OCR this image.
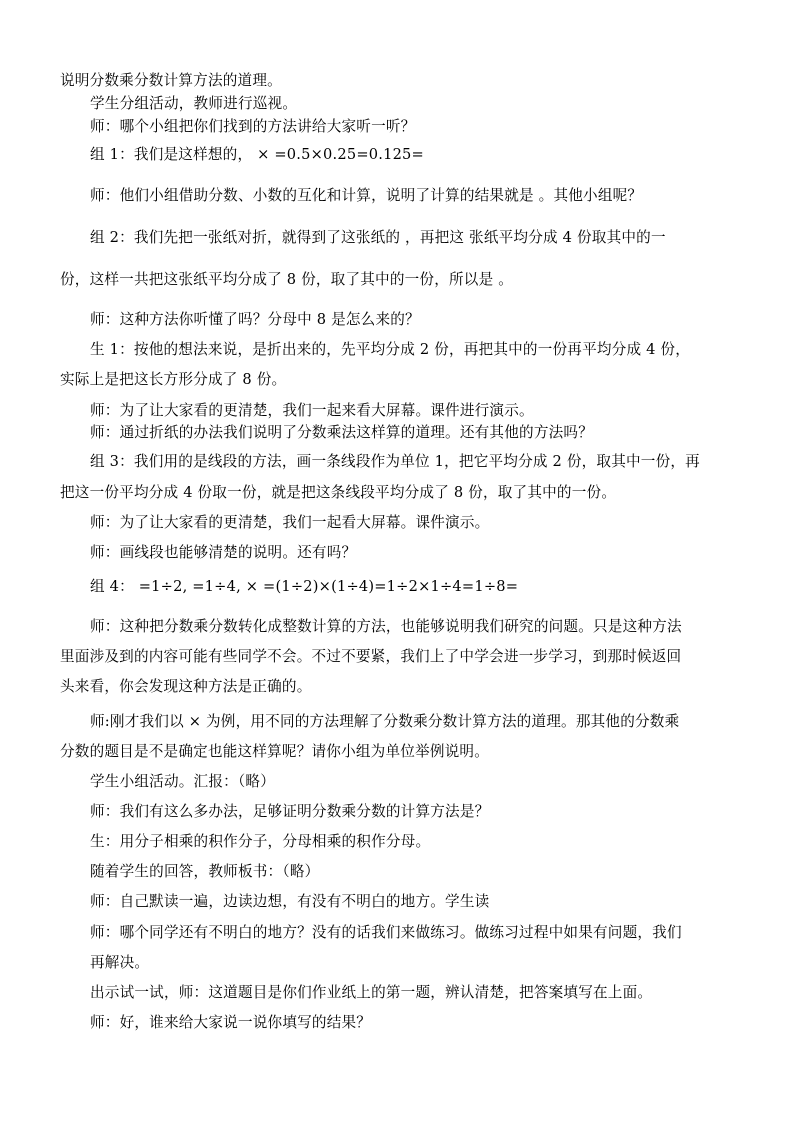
说明分数乘分数计算方法的道理。
学生分组活动，教师进行巡视。
师：哪个小组把你们找到的方法讲给大家听一听？
组 1：我们是这样想的， × =0.5×0.25=0.125=
师：他们小组借助分数、小数的互化和计算，说明了计算的结果就是 。其他小组呢？
组 2：我们先把一张纸对折，就得到了这张纸的 ，再把这 张纸平均分成 4 份取其中的一
份，这样一共把这张纸平均分成了 8 份，取了其中的一份，所以是 。
师：这种方法你听懂了吗？分母中 8 是怎么来的？
生 1：按他的想法来说，是折出来的，先平均分成 2 份，再把其中的一份再平均分成 4 份，
实际上是把这长方形分成了 8 份。
师：为了让大家看的更清楚，我们一起来看大屏幕。课件进行演示。
师：通过折纸的办法我们说明了分数乘法这样算的道理。还有其他的方法吗？
组 3：我们用的是线段的方法，画一条线段作为单位 1，把它平均分成 2 份，取其中一份，再
把这一份平均分成 4 份取一份，就是把这条线段平均分成了 8 份，取了其中的一份。
师：为了让大家看的更清楚，我们一起看大屏幕。课件演示。
师：画线段也能够清楚的说明。还有吗？
组 4： =1÷2, =1÷4, × =(1÷2)×(1÷4)=1÷2×1÷4=1÷8=
师：这种把分数乘分数转化成整数计算的方法，也能够说明我们研究的问题。只是这种方法
里面涉及到的内容可能有些同学不会。不过不要紧，我们上了中学会进一步学习，到那时候返回
头来看，你会发现这种方法是正确的。
师:刚才我们以 × 为例，用不同的方法理解了分数乘分数计算方法的道理。那其他的分数乘
分数的题目是不是确定也能这样算呢？请你小组为单位举例说明。
学生小组活动。汇报：（略）
师：我们有这么多办法，足够证明分数乘分数的计算方法是？
生：用分子相乘的积作分子，分母相乘的积作分母。
随着学生的回答，教师板书：（略）
师：自己默读一遍，边读边想，有没有不明白的地方。学生读
师：哪个同学还有不明白的地方？没有的话我们来做练习。做练习过程中如果有问题，我们
再解决。
出示试一试，师：这道题目是你们作业纸上的第一题，辨认清楚，把答案填写在上面。
师：好，谁来给大家说一说你填写的结果？
